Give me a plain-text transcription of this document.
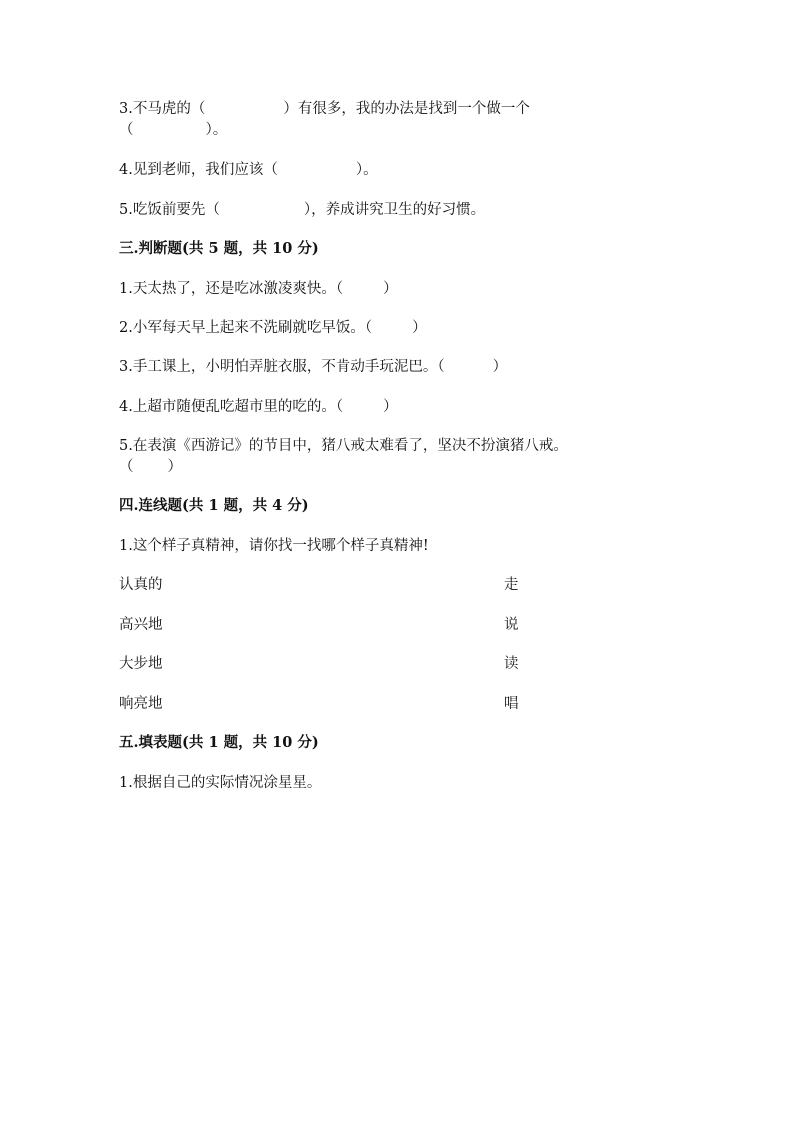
3.不马虎的（	）有很多，我的办法是找到一个做一个
（	）。
4.见到老师，我们应该（	）。
5.吃饭前要先（	），养成讲究卫生的好习惯。
三.判断题(共 5 题，共 10 分)
1.天太热了，还是吃冰激凌爽快。（	）
2.小军每天早上起来不洗刷就吃早饭。（	）
3.手工课上，小明怕弄脏衣服，不肯动手玩泥巴。（	）
4.上超市随便乱吃超市里的吃的。（	）
5.在表演《西游记》的节目中，猪八戒太难看了，坚决不扮演猪八戒。
（ ）
四.连线题(共 1 题，共 4 分)
1.这个样子真精神，请你找一找哪个样子真精神!
认真的	走
高兴地	说
大步地	读
响亮地	唱
五.填表题(共 1 题，共 10 分)
1.根据自己的实际情况涂星星。
